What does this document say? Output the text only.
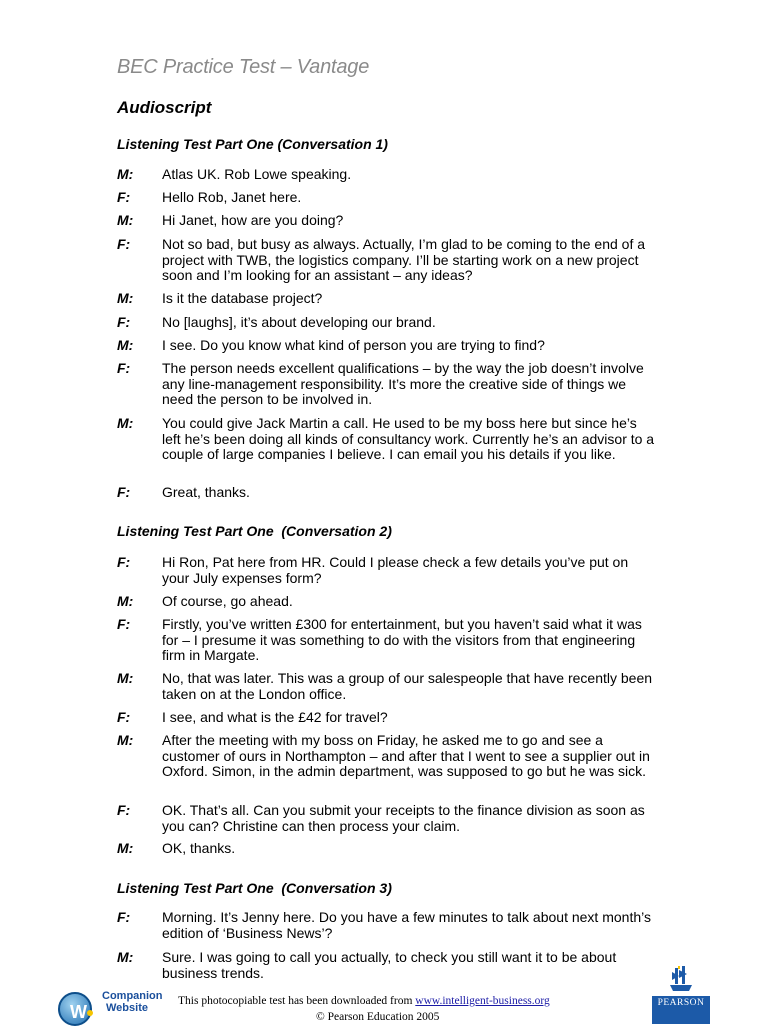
BEC Practice Test – Vantage
Audioscript
Listening Test Part One (Conversation 1)
M:	Atlas UK. Rob Lowe speaking.
F:	Hello Rob, Janet here.
M:	Hi Janet, how are you doing?
F:	Not so bad, but busy as always. Actually, I’m glad to be coming to the end of a project with TWB, the logistics company. I’ll be starting work on a new project soon and I’m looking for an assistant – any ideas?
M:	Is it the database project?
F:	No [laughs], it’s about developing our brand.
M:	I see. Do you know what kind of person you are trying to find?
F:	The person needs excellent qualifications – by the way the job doesn’t involve any line-management responsibility. It’s more the creative side of things we need the person to be involved in.
M:	You could give Jack Martin a call. He used to be my boss here but since he’s left he’s been doing all kinds of consultancy work. Currently he’s an advisor to a couple of large companies I believe. I can email you his details if you like.
F:	Great, thanks.
Listening Test Part One  (Conversation 2)
F:	Hi Ron, Pat here from HR. Could I please check a few details you’ve put on your July expenses form?
M:	Of course, go ahead.
F:	Firstly, you’ve written £300 for entertainment, but you haven’t said what it was for – I presume it was something to do with the visitors from that engineering firm in Margate.
M:	No, that was later. This was a group of our salespeople that have recently been taken on at the London office.
F:	I see, and what is the £42 for travel?
M:	After the meeting with my boss on Friday, he asked me to go and see a customer of ours in Northampton – and after that I went to see a supplier out in Oxford. Simon, in the admin department, was supposed to go but he was sick.
F:	OK. That’s all. Can you submit your receipts to the finance division as soon as you can? Christine can then process your claim.
M:	OK, thanks.
Listening Test Part One  (Conversation 3)
F:	Morning. It’s Jenny here. Do you have a few minutes to talk about next month’s edition of ‘Business News’?
M:	Sure. I was going to call you actually, to check you still want it to be about business trends.
W
Companion
Website
This photocopiable test has been downloaded from www.intelligent-business.org
© Pearson Education 2005
PEARSON
